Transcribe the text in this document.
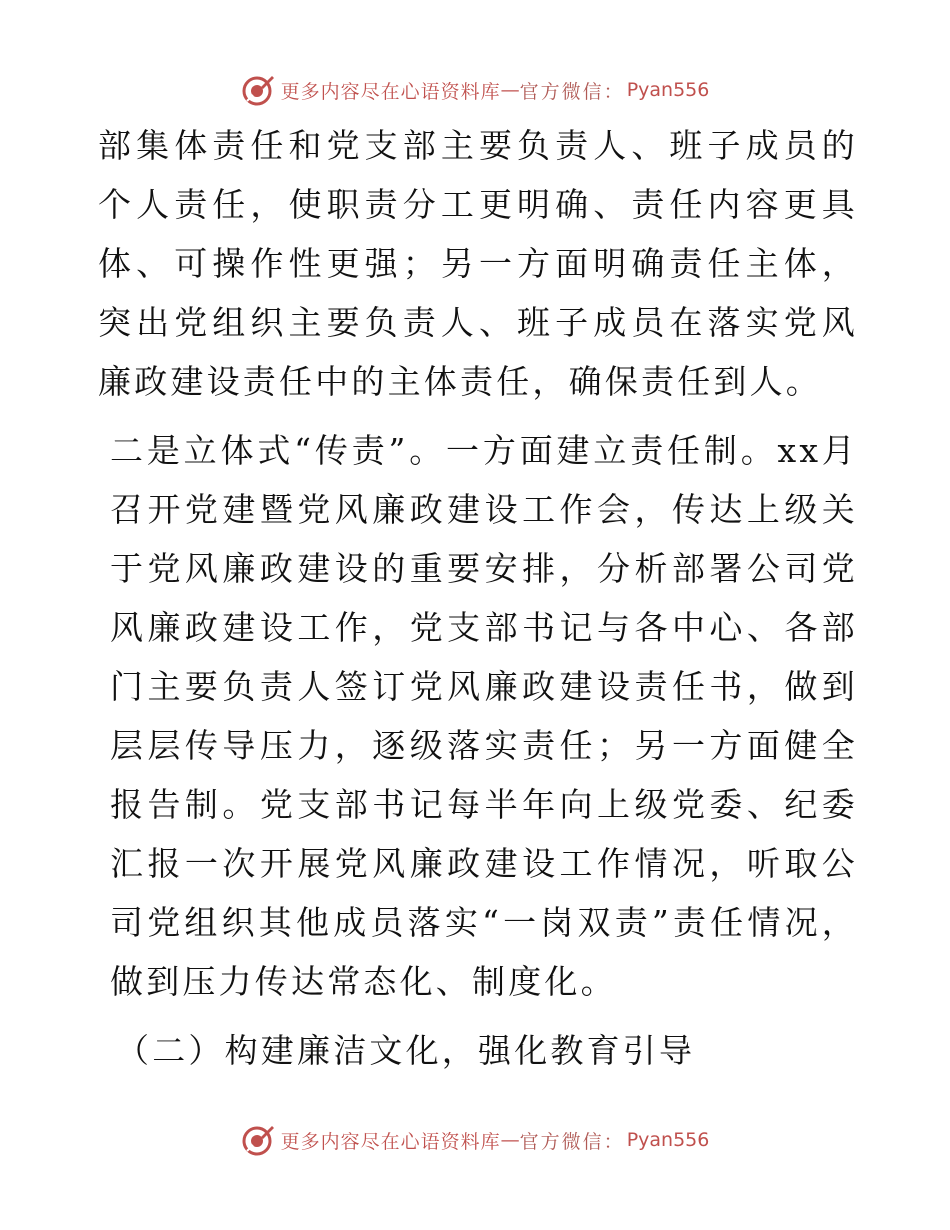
更多内容尽在心语资料库 — 官方微信： Pyan556

部集体责任和党支部主要负责人、班子成员的个人责任，使职责分工更明确、责任内容更具体、可操作性更强；另一方面明确责任主体，突出党组织主要负责人、班子成员在落实党风廉政建设责任中的主体责任，确保责任到人。

二是立体式“传责”。一方面建立责任制。xx月召开党建暨党风廉政建设工作会，传达上级关于党风廉政建设的重要安排，分析部署公司党风廉政建设工作，党支部书记与各中心、各部门主要负责人签订党风廉政建设责任书，做到层层传导压力，逐级落实责任；另一方面健全报告制。党支部书记每半年向上级党委、纪委汇报一次开展党风廉政建设工作情况，听取公司党组织其他成员落实“一岗双责”责任情况，做到压力传达常态化、制度化。

（二）构建廉洁文化，强化教育引导

更多内容尽在心语资料库 — 官方微信： Pyan556
